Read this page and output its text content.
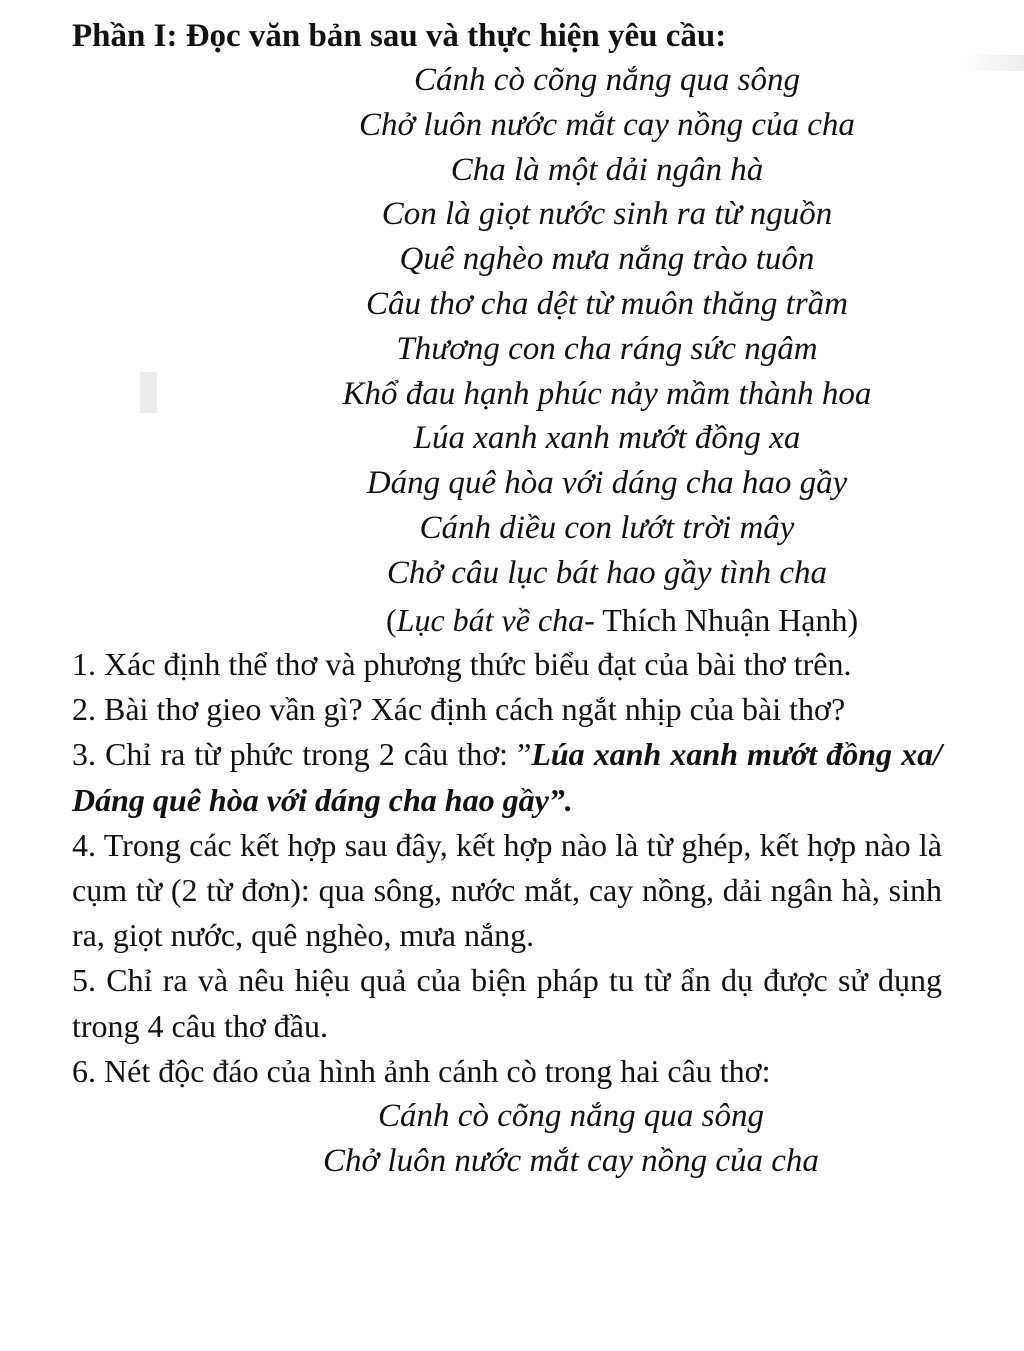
Phần I: Đọc văn bản sau và thực hiện yêu cầu:
Cánh cò cõng nắng qua sông
Chở luôn nước mắt cay nồng của cha
Cha là một dải ngân hà
Con là giọt nước sinh ra từ nguồn
Quê nghèo mưa nắng trào tuôn
Câu thơ cha dệt từ muôn thăng trầm
Thương con cha ráng sức ngâm
Khổ đau hạnh phúc nảy mầm thành hoa
Lúa xanh xanh mướt đồng xa
Dáng quê hòa với dáng cha hao gầy
Cánh diều con lướt trời mây
Chở câu lục bát hao gầy tình cha
(Lục bát về cha- Thích Nhuận Hạnh)
1. Xác định thể thơ và phương thức biểu đạt của bài thơ trên.
2. Bài thơ gieo vần gì? Xác định cách ngắt nhịp của bài thơ?
3. Chỉ ra từ phức trong 2 câu thơ: ”Lúa xanh xanh mướt đồng xa/ Dáng quê hòa với dáng cha hao gầy”.
4. Trong các kết hợp sau đây, kết hợp nào là từ ghép, kết hợp nào là cụm từ (2 từ đơn): qua sông, nước mắt, cay nồng, dải ngân hà, sinh ra, giọt nước, quê nghèo, mưa nắng.
5. Chỉ ra và nêu hiệu quả của biện pháp tu từ ẩn dụ được sử dụng trong 4 câu thơ đầu.
6. Nét độc đáo của hình ảnh cánh cò trong hai câu thơ:
Cánh cò cõng nắng qua sông
Chở luôn nước mắt cay nồng của cha
